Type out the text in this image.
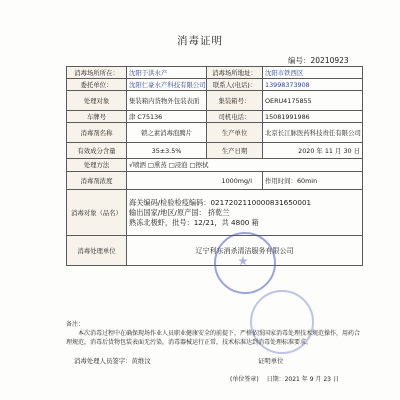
消毒证明
编号：20210923
消毒场所所在：	沈阳于洪水产	消毒场所地址：	沈阳市铁西区
委托单位：	沈阳仁豪水产科技有限公司	联系人(电话)：	13998373908
处理对象	集装箱内货物外包装表面	集装箱号：	OERU4175855
车牌号	津 C75136	司机电话：	15081991986
消毒剂名称	锁之素消毒泡腾片	生产单位	北京长江脉医药科技责任有限公司
有效成分含量	35±3.5%	生产日期	2020 年 11 月 30 日
处理方法	√喷洒 □熏蒸 □浸泡 □擦拭		
消毒剂浓度	1000mg/l		作用时间：60min
消毒对象（品名）	海关编码/检验检疫编码：0217202110000831650001
输出国家/地区/原产国： 挤乾兰
熟冻北极虾，批号：12/21，共 4800 箱		

消毒处理单位	辽宁利东消杀清洁服务有限公司		
备注：
本次消毒过程中在确保现场作业人员职业健康安全的前提下，严格依照国家消毒处理技术规范操作，用药合理规范，消毒后货物包装表面无污染，消毒器械运行正常，技术标准达到消毒处理标准要求。
消毒处理人员签字：黄维汶	证明单位
(单位签章) 日期：2021 年 9 月 23 日
